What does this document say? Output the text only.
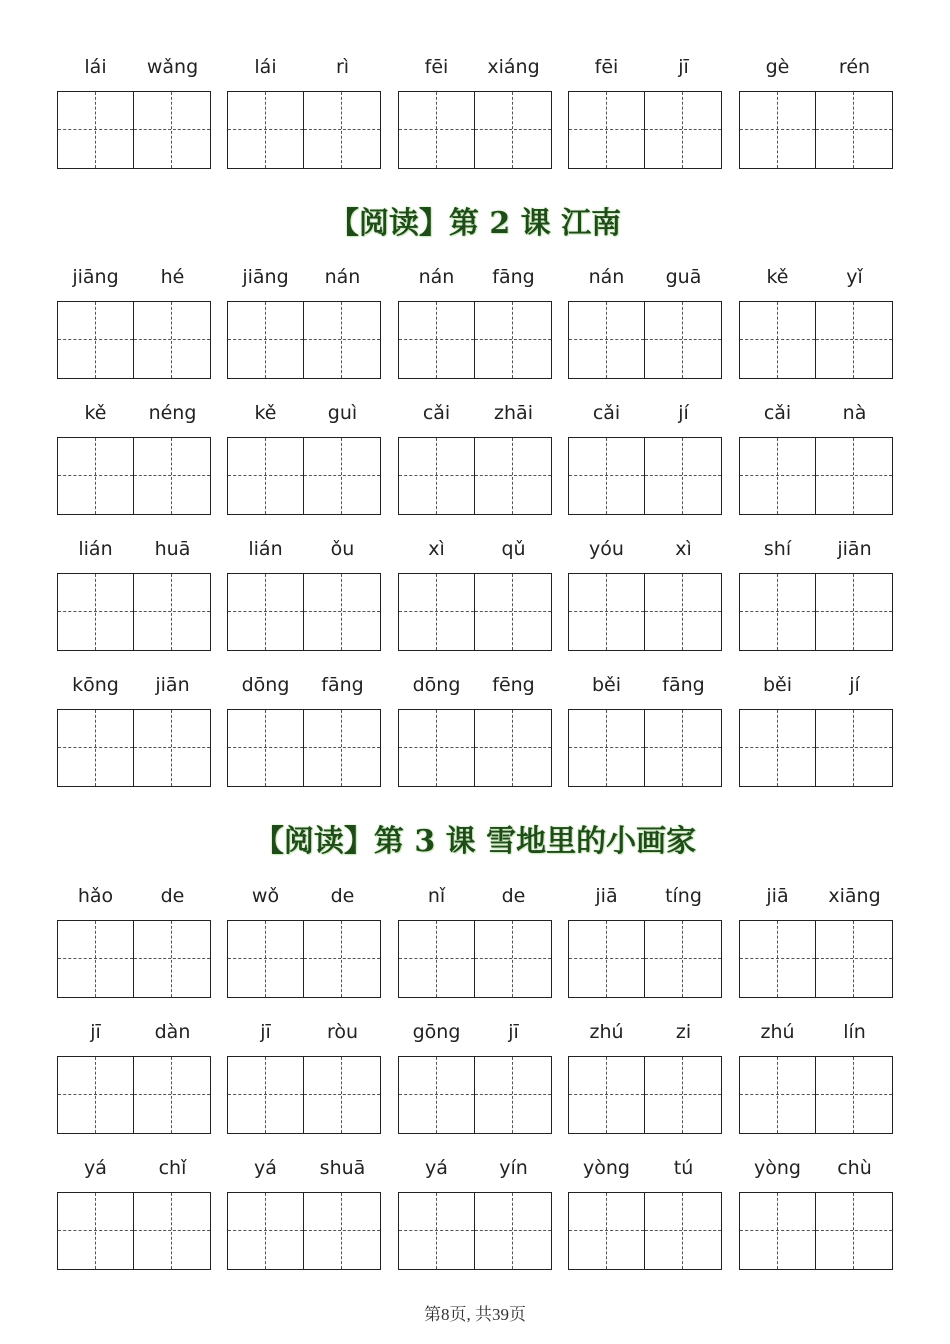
lái	wǎng	lái	rì	fēi	xiáng	fēi	jī	gè	rén
【阅读】第 2 课 江南
jiāng	hé	jiāng	nán	nán	fāng	nán	guā	kě	yǐ
kě	néng	kě	guì	cǎi	zhāi	cǎi	jí	cǎi	nà
lián	huā	lián	ǒu	xì	qǔ	yóu	xì	shí	jiān
kōng	jiān	dōng	fāng	dōng	fēng	běi	fāng	běi	jí
【阅读】第 3 课 雪地里的小画家
hǎo	de	wǒ	de	nǐ	de	jiā	tíng	jiā	xiāng
jī	dàn	jī	ròu	gōng	jī	zhú	zi	zhú	lín
yá	chǐ	yá	shuā	yá	yín	yòng	tú	yòng	chù
第8页, 共39页
